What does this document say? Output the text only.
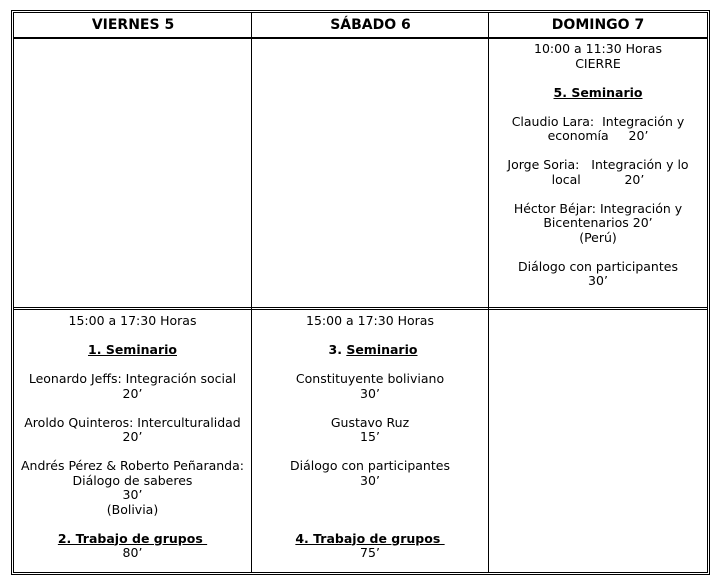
VIERNES 5	SÁBADO 6	DOMINGO 7

10:00 a 11:30 Horas

CIERRE

5. Seminario

Claudio Lara:  Integración y

economía     20’

Jorge Soria:   Integración y lo

local           20’

Héctor Béjar: Integración y

Bicentenarios 20’

(Perú)

Diálogo con participantes

30’

15:00 a 17:30 Horas

1. Seminario

Leonardo Jeffs: Integración social

20’

Aroldo Quinteros: Interculturalidad

20’

Andrés Pérez & Roberto Peñaranda:

Diálogo de saberes

30’

(Bolivia)

2. Trabajo de grupos

80’

15:00 a 17:30 Horas

3. Seminario

Constituyente boliviano

30’

Gustavo Ruz

15’

Diálogo con participantes

30’

4. Trabajo de grupos

75’
